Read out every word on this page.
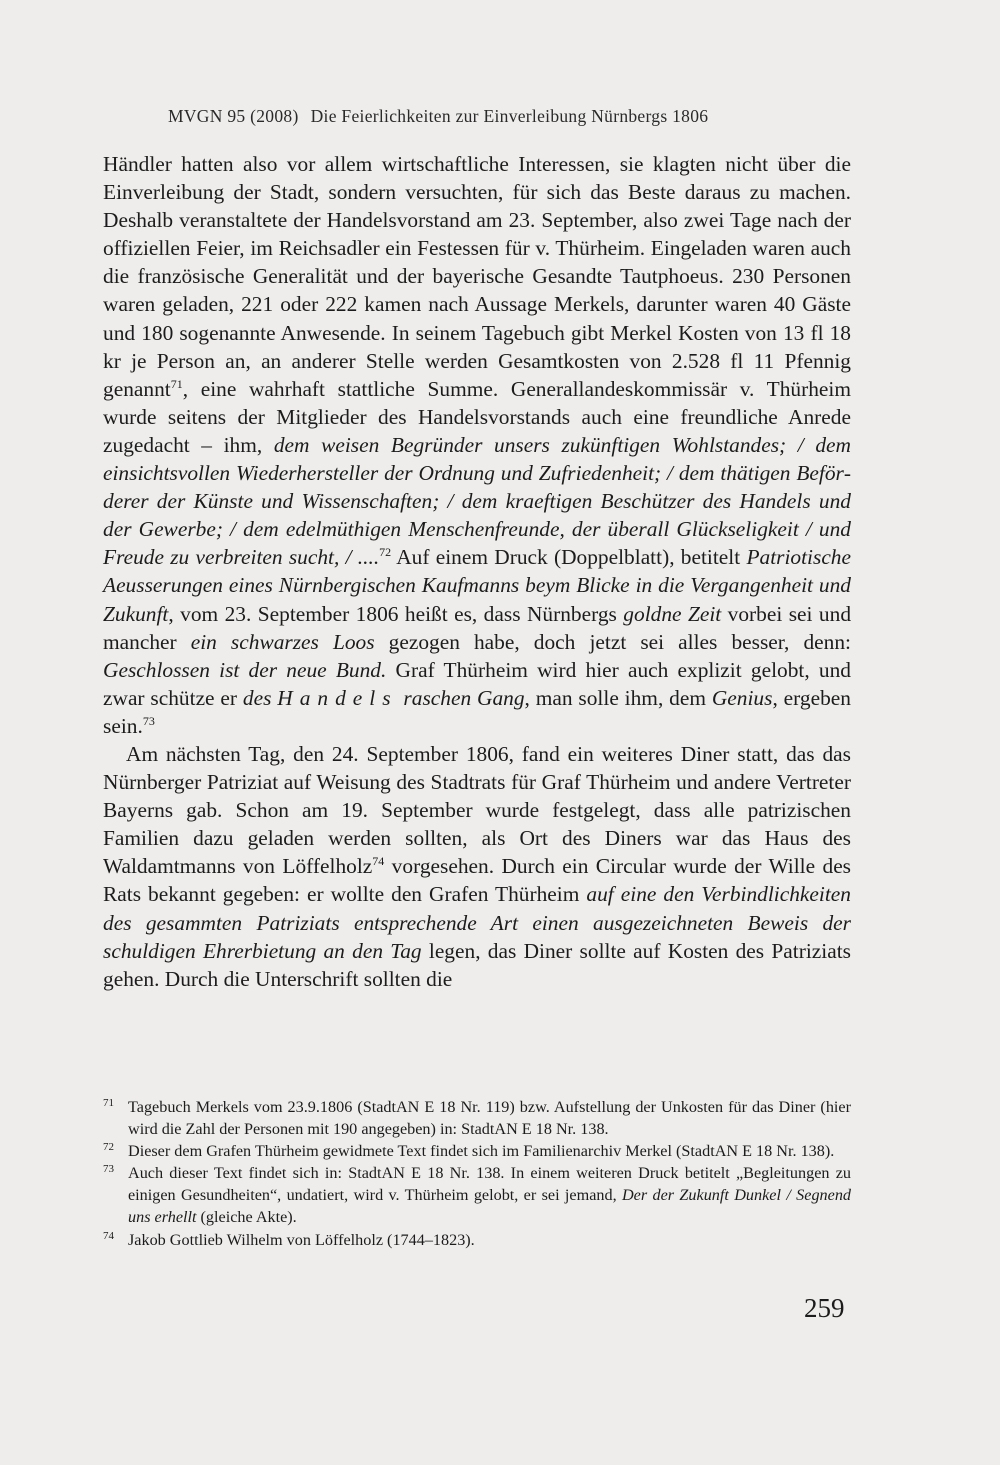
MVGN 95 (2008) Die Feierlichkeiten zur Einverleibung Nürnbergs 1806

Händler hatten also vor allem wirtschaftliche Interessen, sie klagten nicht über die Einverleibung der Stadt, sondern versuchten, für sich das Beste daraus zu machen. Deshalb veranstaltete der Handelsvorstand am 23. September, also zwei Tage nach der offiziellen Feier, im Reichsadler ein Festessen für v. Thürheim. Eingeladen waren auch die französische Generalität und der bayerische Gesandte Tautphoeus. 230 Personen waren geladen, 221 oder 222 kamen nach Aussage Merkels, darunter waren 40 Gäste und 180 sogenannte Anwesende. In seinem Tagebuch gibt Merkel Kosten von 13 fl 18 kr je Person an, an anderer Stelle werden Gesamtkosten von 2.528 fl 11 Pfennig genannt$^{71}$, eine wahrhaft stattliche Summe. Generallandeskommissär v. Thürheim wurde seitens der Mitglieder des Handelsvorstands auch eine freundliche Anrede zugedacht – ihm, dem weisen Begründer unsers zukünftigen Wohlstandes; / dem einsichtsvollen Wiederhersteller der Ordnung und Zufriedenheit; / dem thätigen Beförderer der Künste und Wissenschaften; / dem kraeftigen Beschützer des Handels und der Gewerbe; / dem edelmüthigen Menschenfreunde, der überall Glückseligkeit / und Freude zu verbreiten sucht, / ....$^{72}$ Auf einem Druck (Doppelblatt), betitelt Patriotische Aeusserungen eines Nürnbergischen Kaufmanns beym Blicke in die Vergangenheit und Zukunft, vom 23. September 1806 heißt es, dass Nürnbergs goldne Zeit vorbei sei und mancher ein schwarzes Loos gezogen habe, doch jetzt sei alles besser, denn: Geschlossen ist der neue Bund. Graf Thürheim wird hier auch explizit gelobt, und zwar schütze er des Handels raschen Gang, man solle ihm, dem Genius, ergeben sein.$^{73}$

Am nächsten Tag, den 24. September 1806, fand ein weiteres Diner statt, das das Nürnberger Patriziat auf Weisung des Stadtrats für Graf Thürheim und andere Vertreter Bayerns gab. Schon am 19. September wurde festgelegt, dass alle patrizischen Familien dazu geladen werden sollten, als Ort des Diners war das Haus des Waldamtmanns von Löffelholz$^{74}$ vorgesehen. Durch ein Circular wurde der Wille des Rats bekannt gegeben: er wollte den Grafen Thürheim auf eine den Verbindlichkeiten des gesammten Patriziats entsprechende Art einen ausgezeichneten Beweis der schuldigen Ehrerbietung an den Tag legen, das Diner sollte auf Kosten des Patriziats gehen. Durch die Unterschrift sollten die

71 Tagebuch Merkels vom 23.9.1806 (StadtAN E 18 Nr. 119) bzw. Aufstellung der Unkosten für das Diner (hier wird die Zahl der Personen mit 190 angegeben) in: StadtAN E 18 Nr. 138.
72 Dieser dem Grafen Thürheim gewidmete Text findet sich im Familienarchiv Merkel (StadtAN E 18 Nr. 138).
73 Auch dieser Text findet sich in: StadtAN E 18 Nr. 138. In einem weiteren Druck betitelt „Begleitungen zu einigen Gesundheiten“, undatiert, wird v. Thürheim gelobt, er sei jemand, Der der Zukunft Dunkel / Segnend uns erhellt (gleiche Akte).
74 Jakob Gottlieb Wilhelm von Löffelholz (1744–1823).
259
